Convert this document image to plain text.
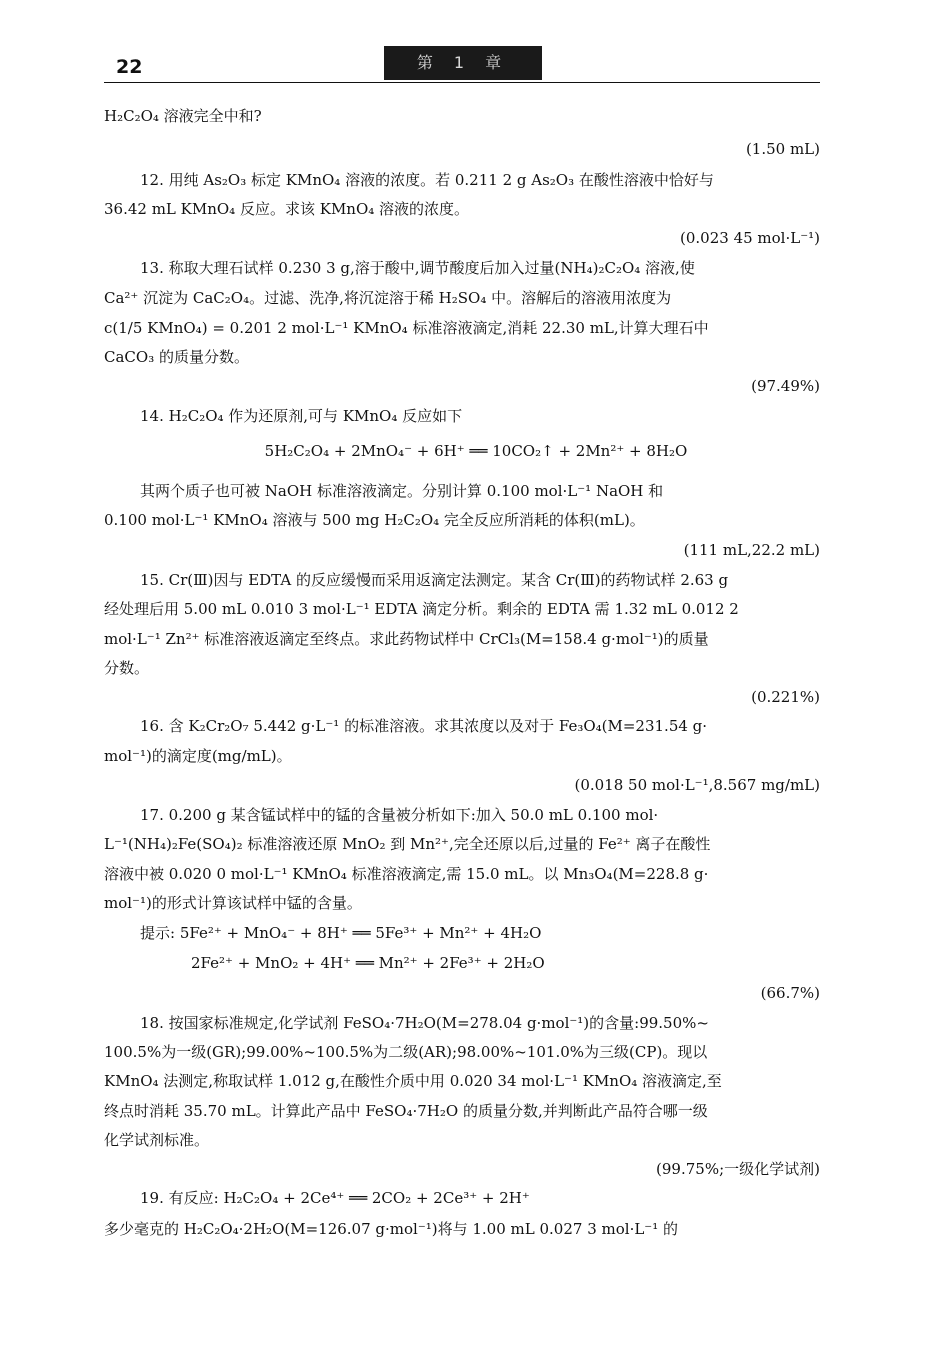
22	第 1 章
H₂C₂O₄ 溶液完全中和?
(1.50 mL)
12. 用纯 As₂O₃ 标定 KMnO₄ 溶液的浓度。若 0.211 2 g As₂O₃ 在酸性溶液中恰好与
36.42 mL KMnO₄ 反应。求该 KMnO₄ 溶液的浓度。
(0.023 45 mol·L⁻¹)
13. 称取大理石试样 0.230 3 g,溶于酸中,调节酸度后加入过量(NH₄)₂C₂O₄ 溶液,使
Ca²⁺ 沉淀为 CaC₂O₄。过滤、洗净,将沉淀溶于稀 H₂SO₄ 中。溶解后的溶液用浓度为
c(1/5 KMnO₄) = 0.201 2 mol·L⁻¹ KMnO₄ 标准溶液滴定,消耗 22.30 mL,计算大理石中
CaCO₃ 的质量分数。
(97.49%)
14. H₂C₂O₄ 作为还原剂,可与 KMnO₄ 反应如下
5H₂C₂O₄ + 2MnO₄⁻ + 6H⁺ ══ 10CO₂↑ + 2Mn²⁺ + 8H₂O
其两个质子也可被 NaOH 标准溶液滴定。分别计算 0.100 mol·L⁻¹ NaOH 和
0.100 mol·L⁻¹ KMnO₄ 溶液与 500 mg H₂C₂O₄ 完全反应所消耗的体积(mL)。
(111 mL,22.2 mL)
15. Cr(Ⅲ)因与 EDTA 的反应缓慢而采用返滴定法测定。某含 Cr(Ⅲ)的药物试样 2.63 g
经处理后用 5.00 mL 0.010 3 mol·L⁻¹ EDTA 滴定分析。剩余的 EDTA 需 1.32 mL 0.012 2
mol·L⁻¹ Zn²⁺ 标准溶液返滴定至终点。求此药物试样中 CrCl₃(M=158.4 g·mol⁻¹)的质量
分数。
(0.221%)
16. 含 K₂Cr₂O₇ 5.442 g·L⁻¹ 的标准溶液。求其浓度以及对于 Fe₃O₄(M=231.54 g·
mol⁻¹)的滴定度(mg/mL)。
(0.018 50 mol·L⁻¹,8.567 mg/mL)
17. 0.200 g 某含锰试样中的锰的含量被分析如下:加入 50.0 mL 0.100 mol·
L⁻¹(NH₄)₂Fe(SO₄)₂ 标准溶液还原 MnO₂ 到 Mn²⁺,完全还原以后,过量的 Fe²⁺ 离子在酸性
溶液中被 0.020 0 mol·L⁻¹ KMnO₄ 标准溶液滴定,需 15.0 mL。以 Mn₃O₄(M=228.8 g·
mol⁻¹)的形式计算该试样中锰的含量。
提示: 5Fe²⁺ + MnO₄⁻ + 8H⁺ ══ 5Fe³⁺ + Mn²⁺ + 4H₂O
2Fe²⁺ + MnO₂ + 4H⁺ ══ Mn²⁺ + 2Fe³⁺ + 2H₂O
(66.7%)
18. 按国家标准规定,化学试剂 FeSO₄·7H₂O(M=278.04 g·mol⁻¹)的含量:99.50%~
100.5%为一级(GR);99.00%~100.5%为二级(AR);98.00%~101.0%为三级(CP)。现以
KMnO₄ 法测定,称取试样 1.012 g,在酸性介质中用 0.020 34 mol·L⁻¹ KMnO₄ 溶液滴定,至
终点时消耗 35.70 mL。计算此产品中 FeSO₄·7H₂O 的质量分数,并判断此产品符合哪一级
化学试剂标准。
(99.75%;一级化学试剂)
19. 有反应: H₂C₂O₄ + 2Ce⁴⁺ ══ 2CO₂ + 2Ce³⁺ + 2H⁺
多少毫克的 H₂C₂O₄·2H₂O(M=126.07 g·mol⁻¹)将与 1.00 mL 0.027 3 mol·L⁻¹ 的
